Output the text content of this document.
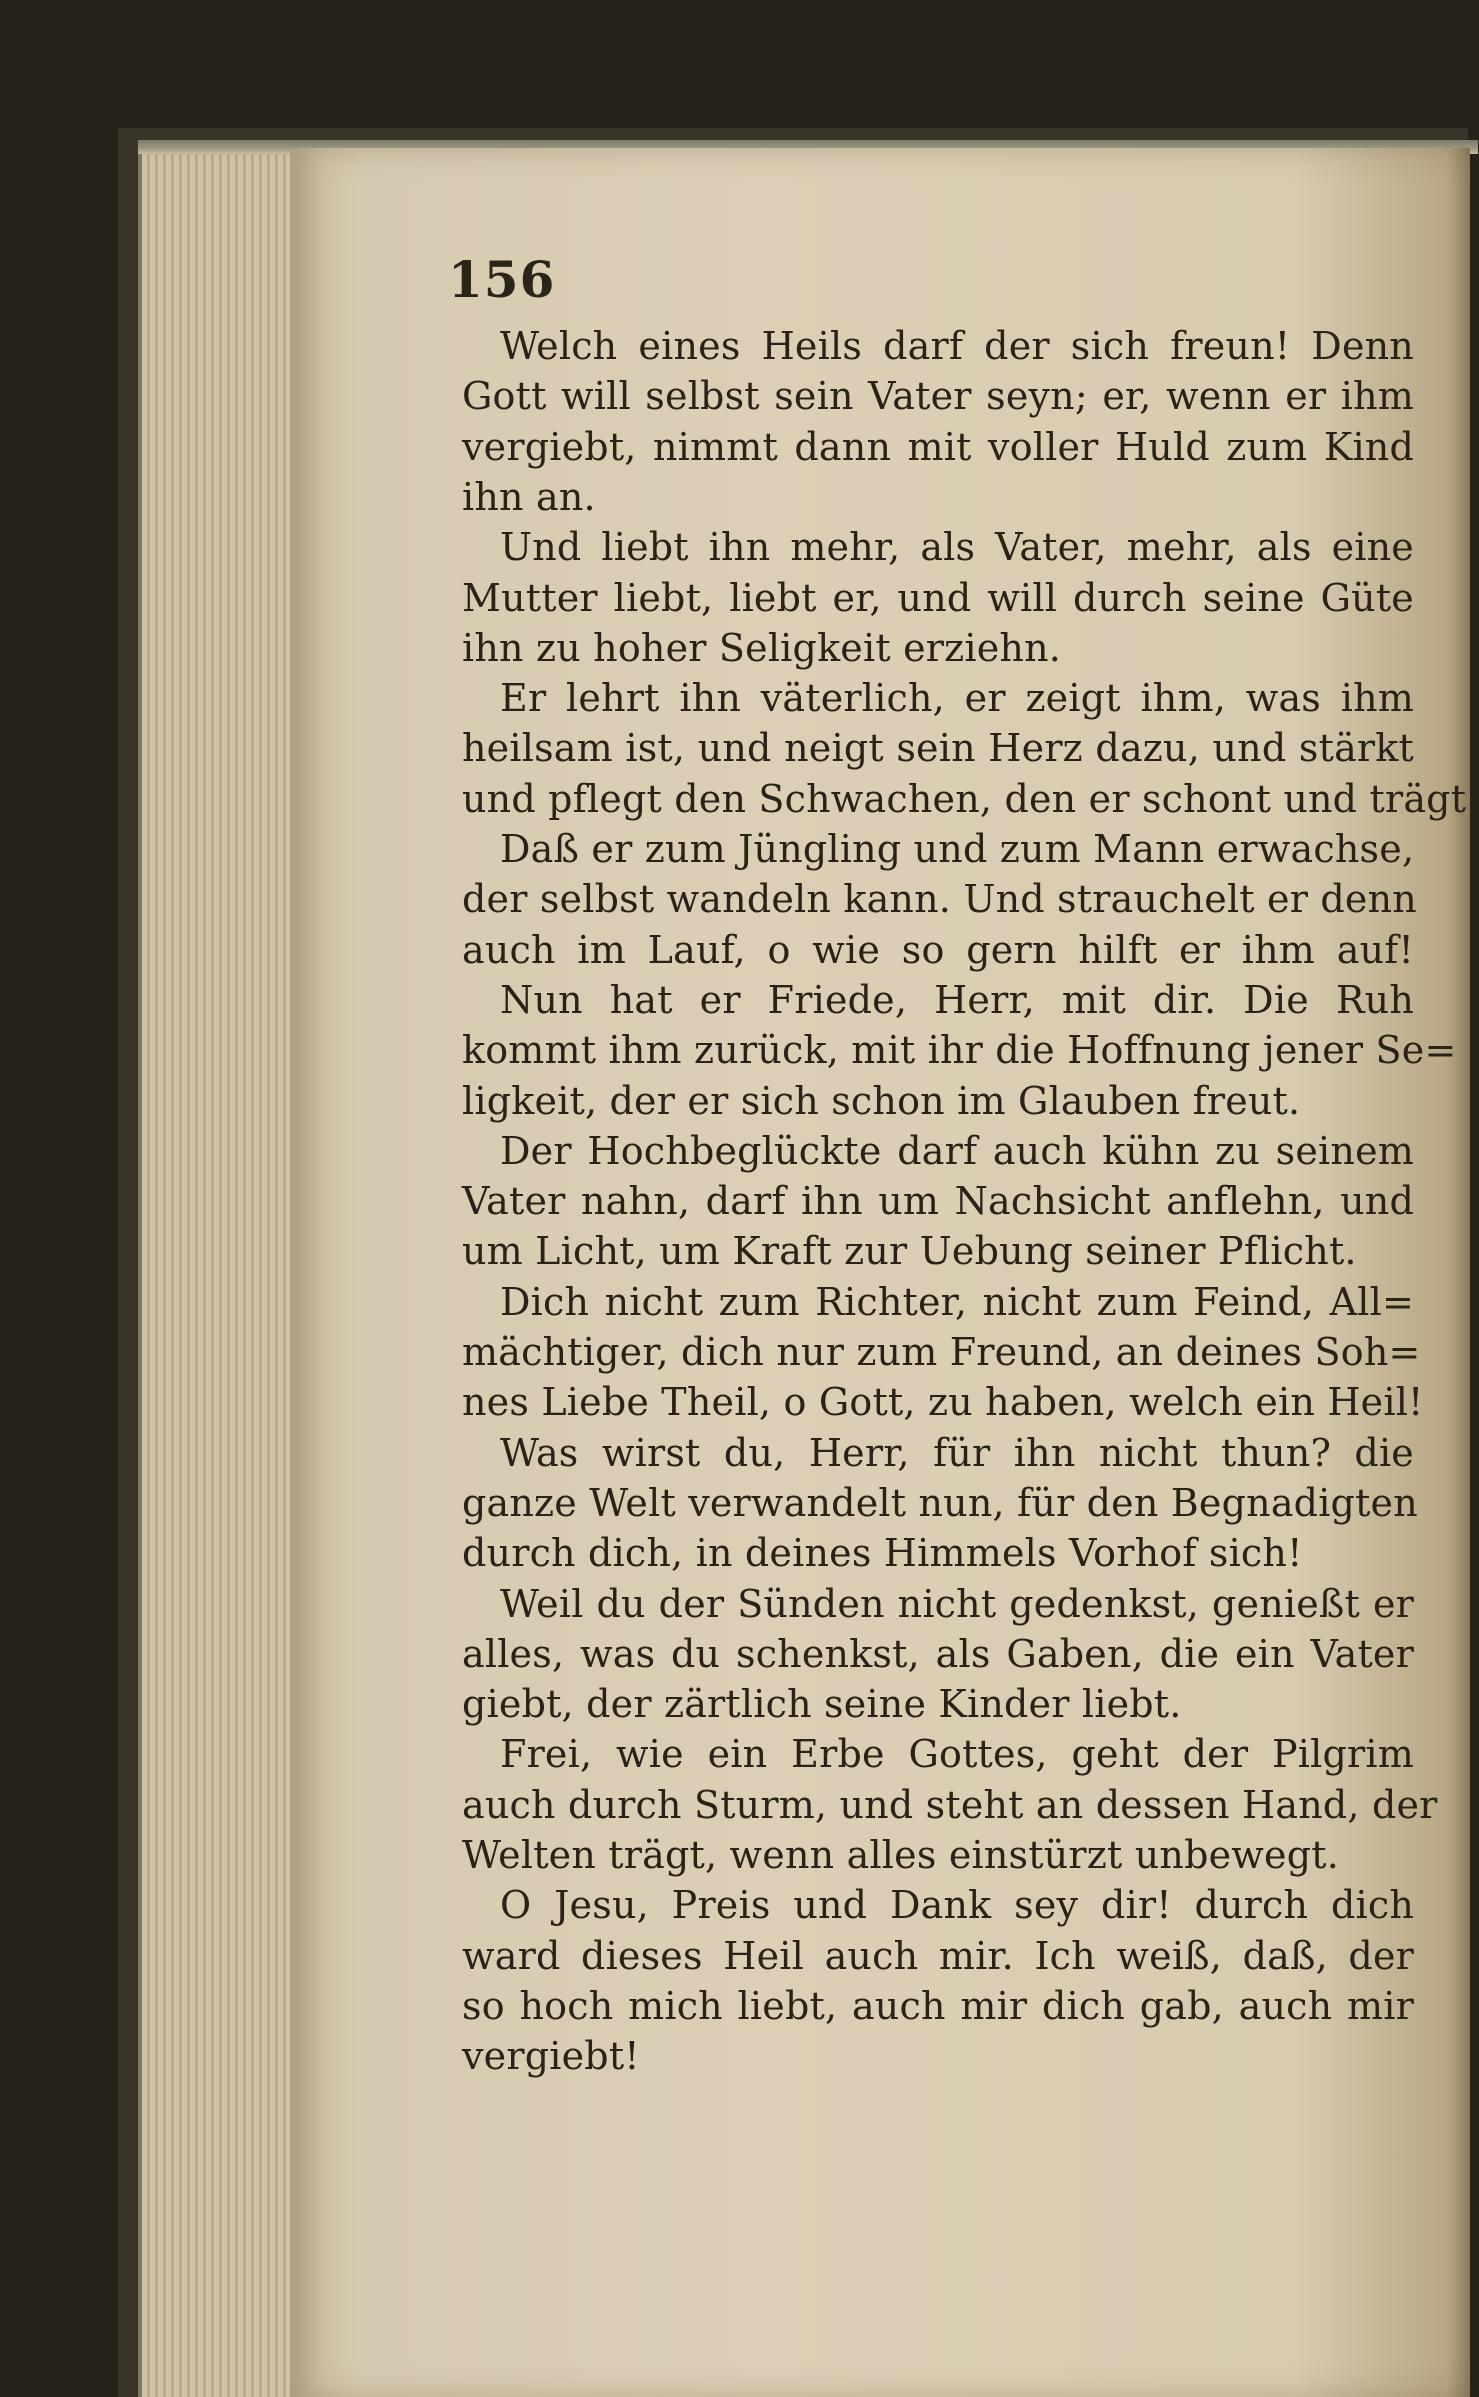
156
Welch eines Heils darf der sich freun! Denn
Gott will selbst sein Vater seyn; er, wenn er ihm
vergiebt, nimmt dann mit voller Huld zum Kind
ihn an.
Und liebt ihn mehr, als Vater, mehr, als eine
Mutter liebt, liebt er, und will durch seine Güte
ihn zu hoher Seligkeit erziehn.
Er lehrt ihn väterlich, er zeigt ihm, was ihm
heilsam ist, und neigt sein Herz dazu, und stärkt
und pflegt den Schwachen, den er schont und trägt.
Daß er zum Jüngling und zum Mann erwachse,
der selbst wandeln kann. Und strauchelt er denn
auch im Lauf, o wie so gern hilft er ihm auf!
Nun hat er Friede, Herr, mit dir. Die Ruh
kommt ihm zurück, mit ihr die Hoffnung jener Se=
ligkeit, der er sich schon im Glauben freut.
Der Hochbeglückte darf auch kühn zu seinem
Vater nahn, darf ihn um Nachsicht anflehn, und
um Licht, um Kraft zur Uebung seiner Pflicht.
Dich nicht zum Richter, nicht zum Feind, All=
mächtiger, dich nur zum Freund, an deines Soh=
nes Liebe Theil, o Gott, zu haben, welch ein Heil!
Was wirst du, Herr, für ihn nicht thun? die
ganze Welt verwandelt nun, für den Begnadigten
durch dich, in deines Himmels Vorhof sich!
Weil du der Sünden nicht gedenkst, genießt er
alles, was du schenkst, als Gaben, die ein Vater
giebt, der zärtlich seine Kinder liebt.
Frei, wie ein Erbe Gottes, geht der Pilgrim
auch durch Sturm, und steht an dessen Hand, der
Welten trägt, wenn alles einstürzt unbewegt.
O Jesu, Preis und Dank sey dir! durch dich
ward dieses Heil auch mir. Ich weiß, daß, der
so hoch mich liebt, auch mir dich gab, auch mir
vergiebt!
